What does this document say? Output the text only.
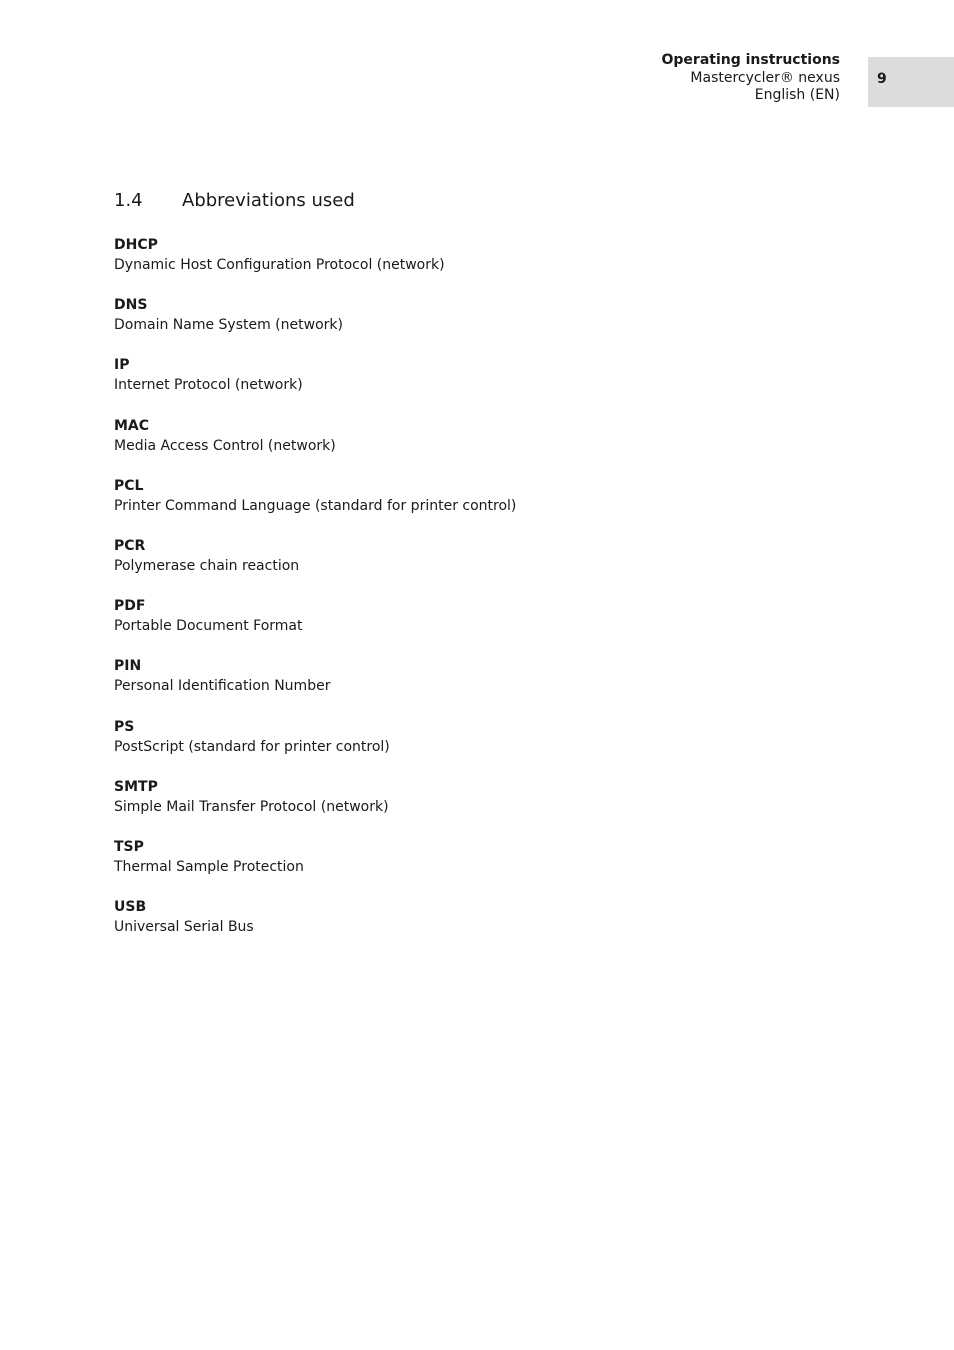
Operating instructions
Mastercycler® nexus
English (EN)
9
1.4 Abbreviations used
DHCP
Dynamic Host Configuration Protocol (network)
DNS
Domain Name System (network)
IP
Internet Protocol (network)
MAC
Media Access Control (network)
PCL
Printer Command Language (standard for printer control)
PCR
Polymerase chain reaction
PDF
Portable Document Format
PIN
Personal Identification Number
PS
PostScript (standard for printer control)
SMTP
Simple Mail Transfer Protocol (network)
TSP
Thermal Sample Protection
USB
Universal Serial Bus
